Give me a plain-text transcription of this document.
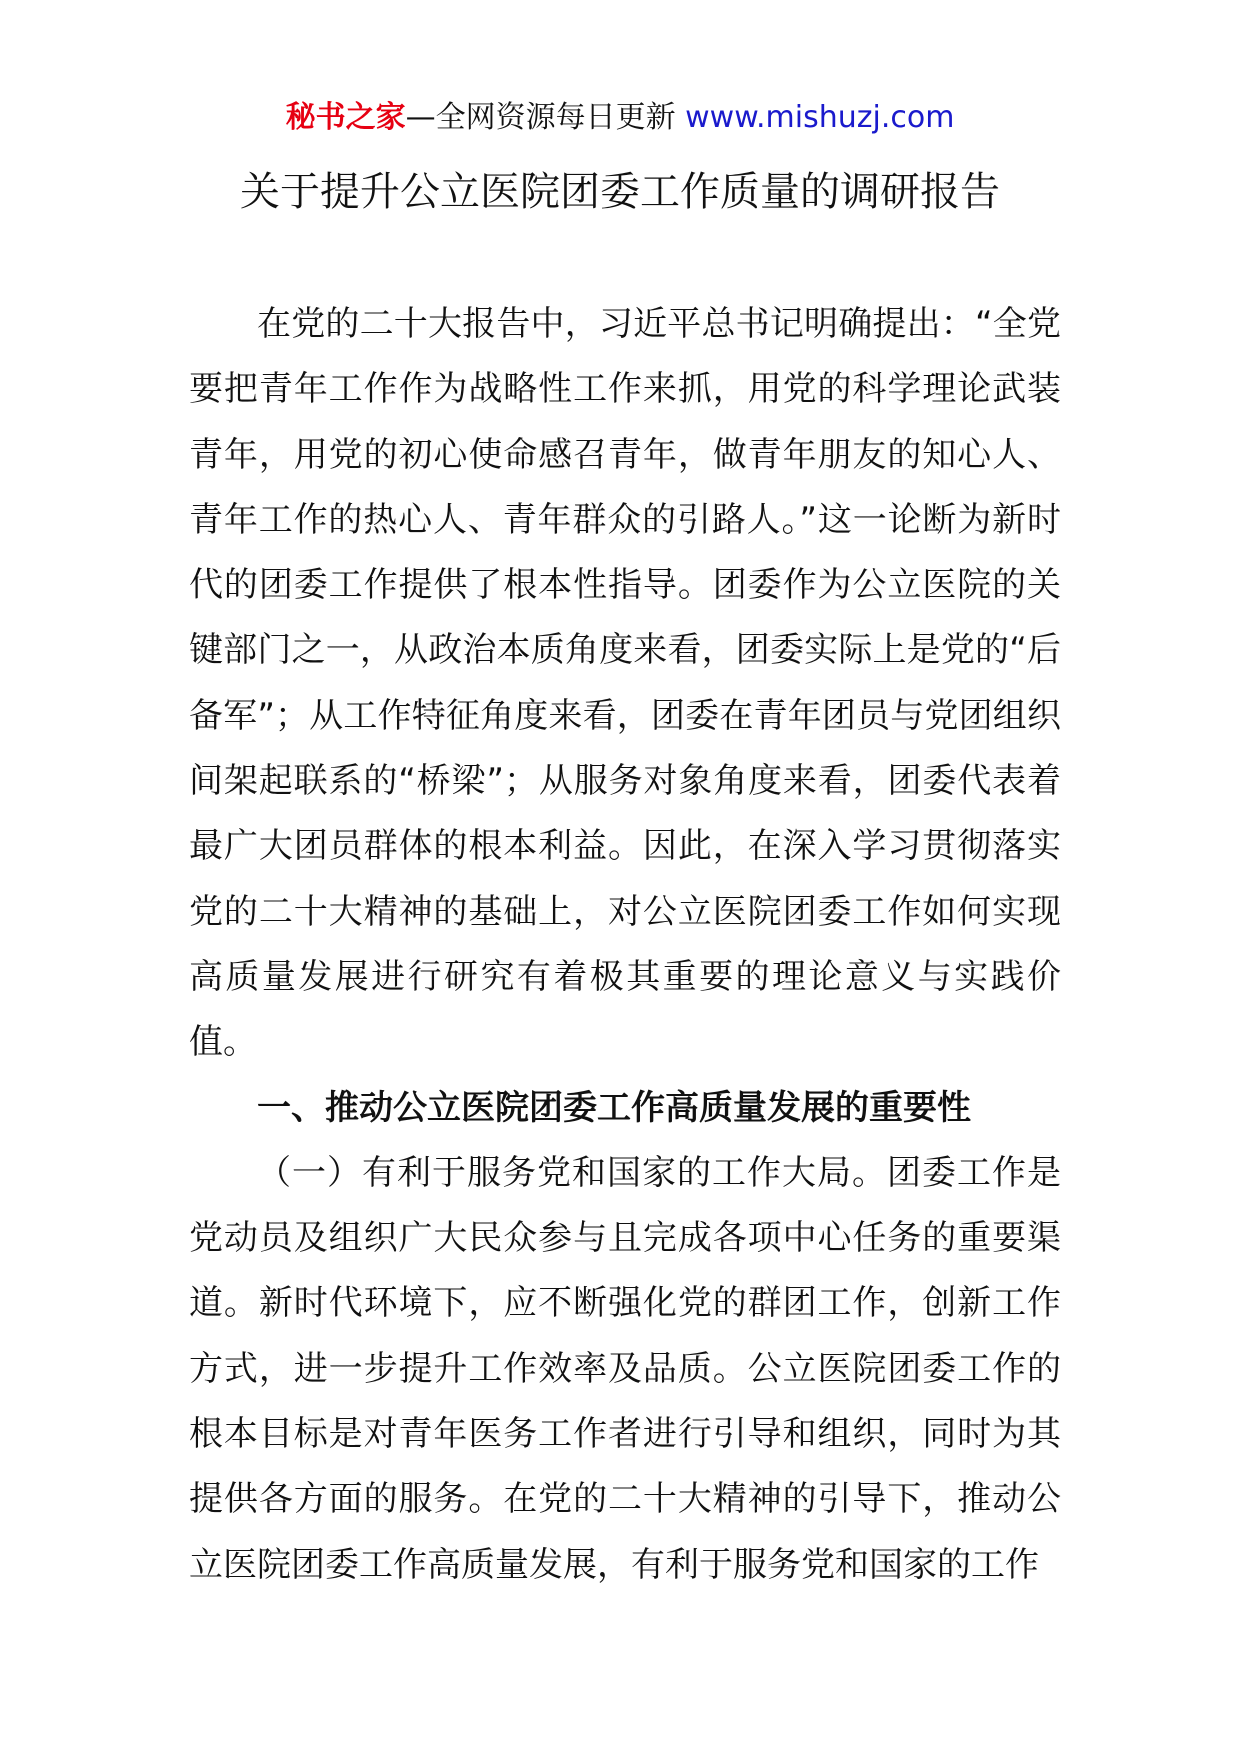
秘书之家—全网资源每日更新 www.mishuzj.com
关于提升公立医院团委工作质量的调研报告

在党的二十大报告中，习近平总书记明确提出：“全党要把青年工作作为战略性工作来抓，用党的科学理论武装青年，用党的初心使命感召青年，做青年朋友的知心人、青年工作的热心人、青年群众的引路人。”这一论断为新时代的团委工作提供了根本性指导。团委作为公立医院的关键部门之一，从政治本质角度来看，团委实际上是党的“后备军”；从工作特征角度来看，团委在青年团员与党团组织间架起联系的“桥梁”；从服务对象角度来看，团委代表着最广大团员群体的根本利益。因此，在深入学习贯彻落实党的二十大精神的基础上，对公立医院团委工作如何实现高质量发展进行研究有着极其重要的理论意义与实践价值。

一、推动公立医院团委工作高质量发展的重要性

（一）有利于服务党和国家的工作大局。团委工作是党动员及组织广大民众参与且完成各项中心任务的重要渠道。新时代环境下，应不断强化党的群团工作，创新工作方式，进一步提升工作效率及品质。公立医院团委工作的根本目标是对青年医务工作者进行引导和组织，同时为其提供各方面的服务。在党的二十大精神的引导下，推动公立医院团委工作高质量发展，有利于服务党和国家的工作
